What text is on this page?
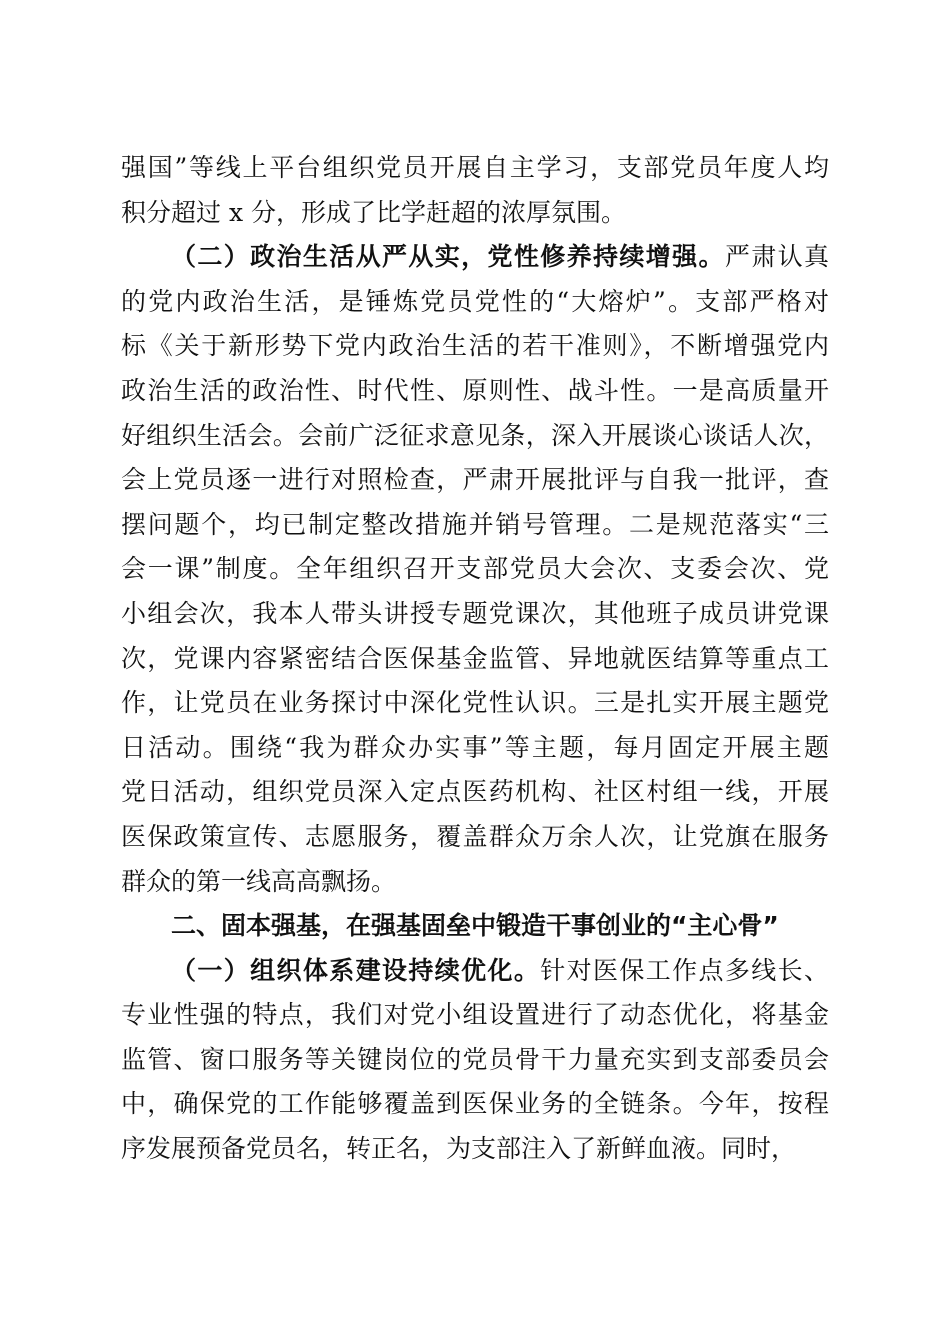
强国”等线上平台组织党员开展自主学习，支部党员年度人均
积分超过 x 分，形成了比学赶超的浓厚氛围。
（二）政治生活从严从实，党性修养持续增强。严肃认真
的党内政治生活，是锤炼党员党性的“大熔炉”。支部严格对
标《关于新形势下党内政治生活的若干准则》，不断增强党内
政治生活的政治性、时代性、原则性、战斗性。一是高质量开
好组织生活会。会前广泛征求意见条，深入开展谈心谈话人次，
会上党员逐一进行对照检查，严肃开展批评与自我一批评，查
摆问题个，均已制定整改措施并销号管理。二是规范落实“三
会一课”制度。全年组织召开支部党员大会次、支委会次、党
小组会次，我本人带头讲授专题党课次，其他班子成员讲党课
次，党课内容紧密结合医保基金监管、异地就医结算等重点工
作，让党员在业务探讨中深化党性认识。三是扎实开展主题党
日活动。围绕“我为群众办实事”等主题，每月固定开展主题
党日活动，组织党员深入定点医药机构、社区村组一线，开展
医保政策宣传、志愿服务，覆盖群众万余人次，让党旗在服务
群众的第一线高高飘扬。
二、固本强基，在强基固垒中锻造干事创业的“主心骨”
（一）组织体系建设持续优化。针对医保工作点多线长、
专业性强的特点，我们对党小组设置进行了动态优化，将基金
监管、窗口服务等关键岗位的党员骨干力量充实到支部委员会
中，确保党的工作能够覆盖到医保业务的全链条。今年，按程
序发展预备党员名，转正名，为支部注入了新鲜血液。同时，
